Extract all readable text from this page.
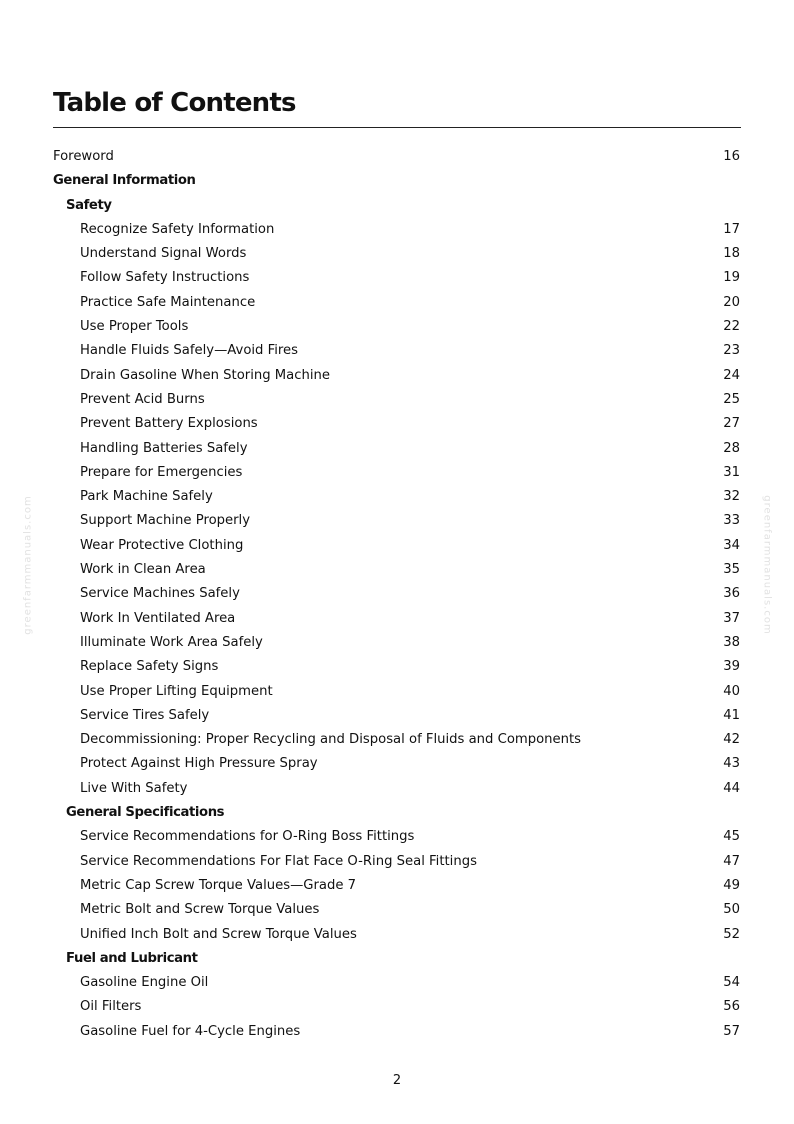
Table of Contents
Foreword	16
General Information
Safety
Recognize Safety Information	17
Understand Signal Words	18
Follow Safety Instructions	19
Practice Safe Maintenance	20
Use Proper Tools	22
Handle Fluids Safely—Avoid Fires	23
Drain Gasoline When Storing Machine	24
Prevent Acid Burns	25
Prevent Battery Explosions	27
Handling Batteries Safely	28
Prepare for Emergencies	31
Park Machine Safely	32
Support Machine Properly	33
Wear Protective Clothing	34
Work in Clean Area	35
Service Machines Safely	36
Work In Ventilated Area	37
Illuminate Work Area Safely	38
Replace Safety Signs	39
Use Proper Lifting Equipment	40
Service Tires Safely	41
Decommissioning: Proper Recycling and Disposal of Fluids and Components	42
Protect Against High Pressure Spray	43
Live With Safety	44
General Specifications
Service Recommendations for O-Ring Boss Fittings	45
Service Recommendations For Flat Face O-Ring Seal Fittings	47
Metric Cap Screw Torque Values—Grade 7	49
Metric Bolt and Screw Torque Values	50
Unified Inch Bolt and Screw Torque Values	52
Fuel and Lubricant
Gasoline Engine Oil	54
Oil Filters	56
Gasoline Fuel for 4-Cycle Engines	57
greenfarmmanuals.com	greenfarmmanuals.com
2
